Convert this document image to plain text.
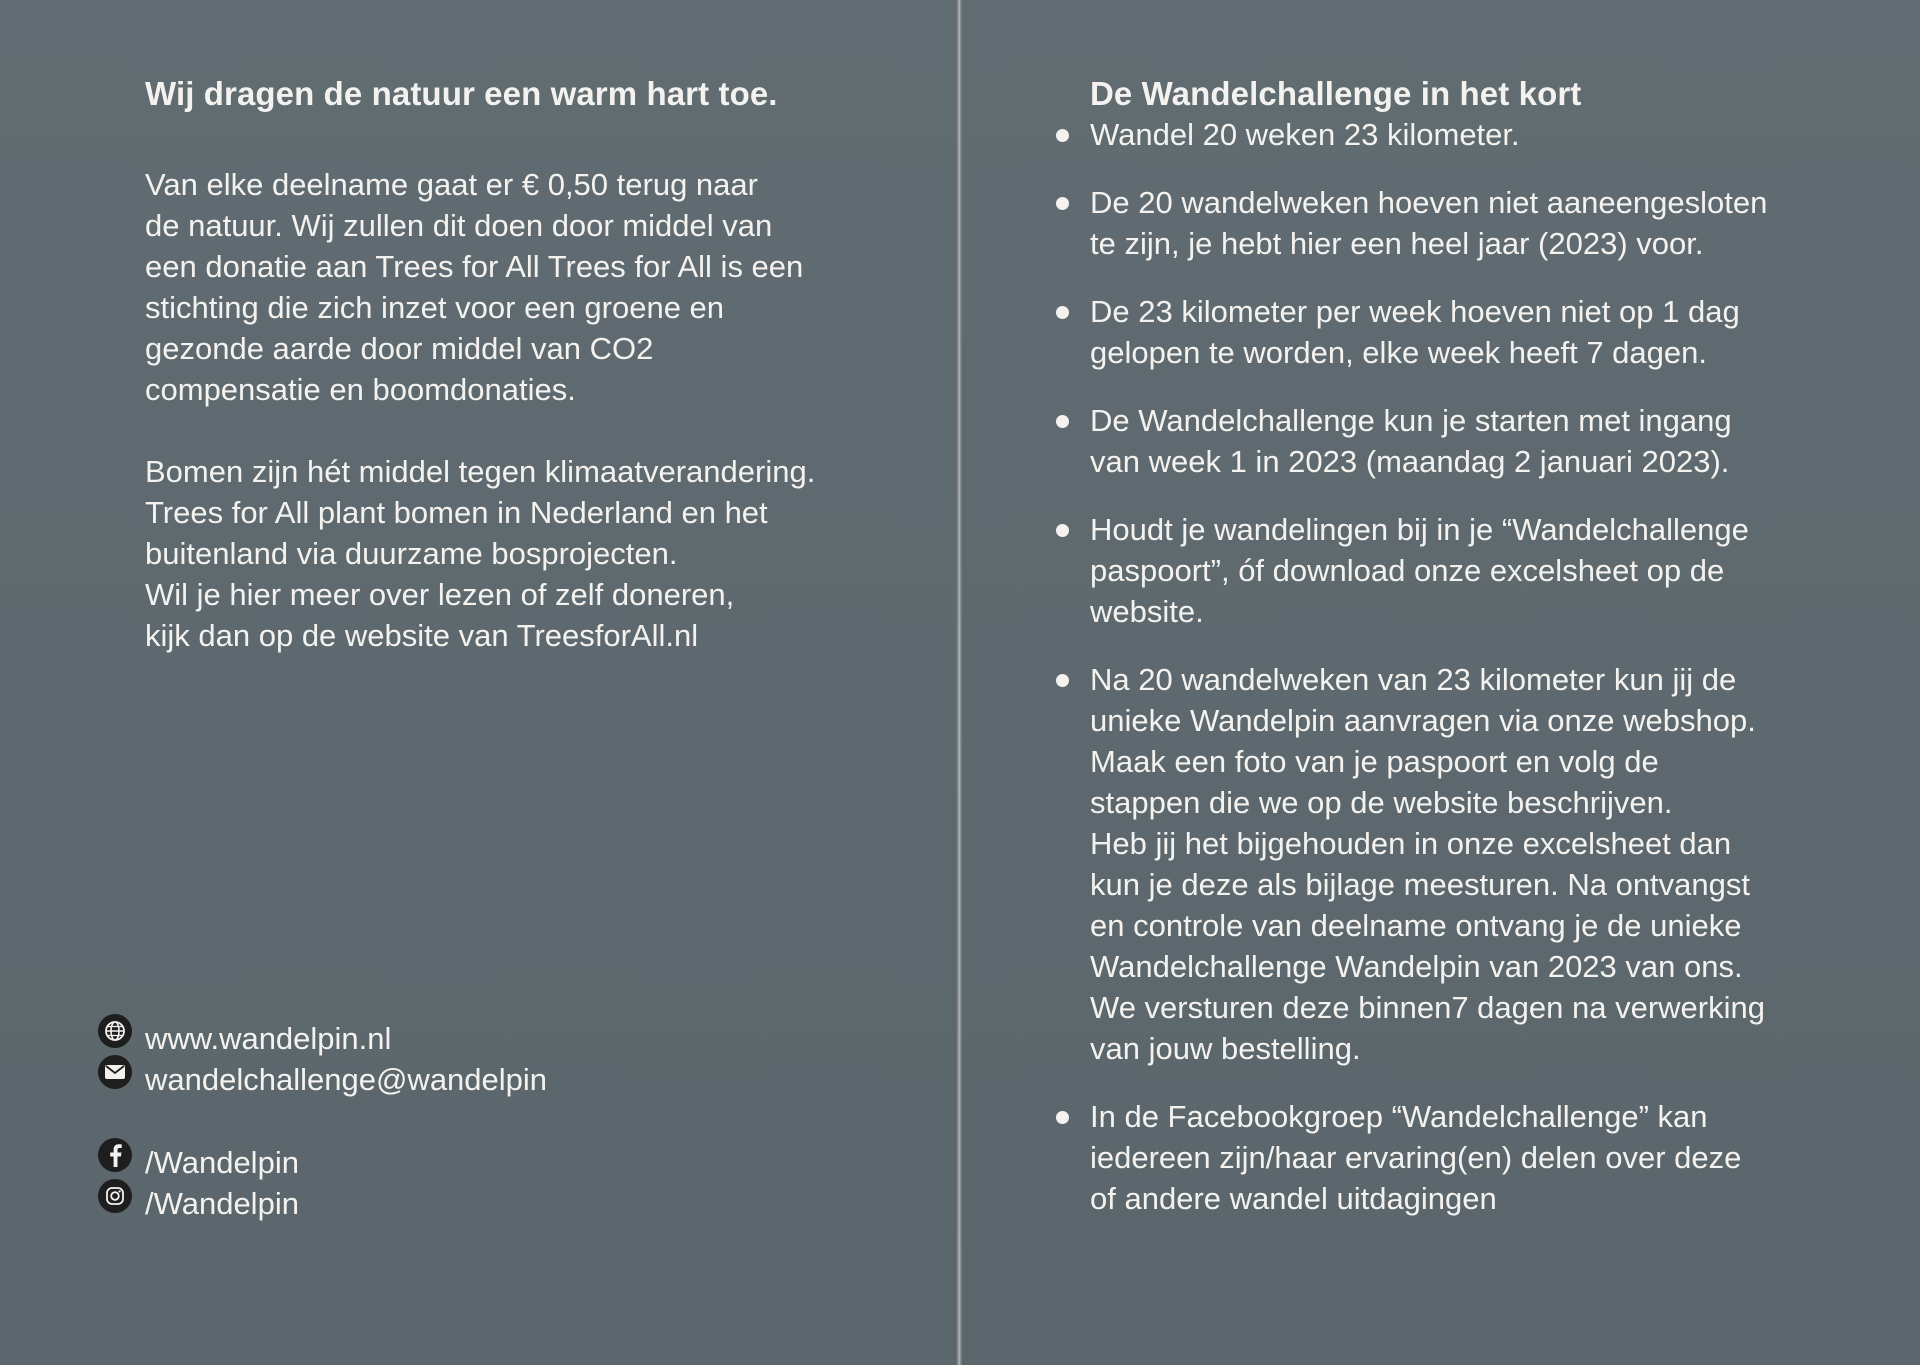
Wij dragen de natuur een warm hart toe.

Van elke deelname gaat er € 0,50 terug naar
de natuur. Wij zullen dit doen door middel van
een donatie aan Trees for All Trees for All is een
stichting die zich inzet voor een groene en
gezonde aarde door middel van CO2
compensatie en boomdonaties.

Bomen zijn hét middel tegen klimaatverandering.
Trees for All plant bomen in Nederland en het
buitenland via duurzame bosprojecten.
Wil je hier meer over lezen of zelf doneren,
kijk dan op de website van TreesforAll.nl

www.wandelpin.nl
wandelchallenge@wandelpin
/Wandelpin
/Wandelpin
De Wandelchallenge in het kort
Wandel 20 weken 23 kilometer.
De 20 wandelweken hoeven niet aaneengesloten
te zijn, je hebt hier een heel jaar (2023) voor.
De 23 kilometer per week hoeven niet op 1 dag
gelopen te worden, elke week heeft 7 dagen.
De Wandelchallenge kun je starten met ingang
van week 1 in 2023 (maandag 2 januari 2023).
Houdt je wandelingen bij in je “Wandelchallenge
paspoort”, óf download onze excelsheet op de
website.
Na 20 wandelweken van 23 kilometer kun jij de
unieke Wandelpin aanvragen via onze webshop.
Maak een foto van je paspoort en volg de
stappen die we op de website beschrijven.
Heb jij het bijgehouden in onze excelsheet dan
kun je deze als bijlage meesturen. Na ontvangst
en controle van deelname ontvang je de unieke
Wandelchallenge Wandelpin van 2023 van ons.
We versturen deze binnen7 dagen na verwerking
van jouw bestelling.
In de Facebookgroep “Wandelchallenge” kan
iedereen zijn/haar ervaring(en) delen over deze
of andere wandel uitdagingen
